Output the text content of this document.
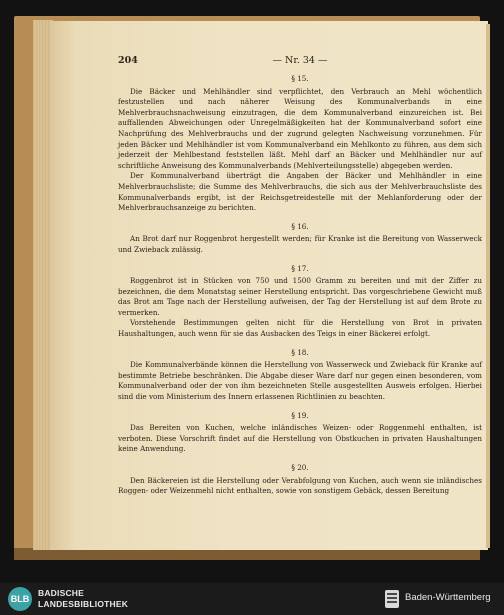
— Nr. 34 —
204
§ 15.

Die Bäcker und Mehlhändler sind verpflichtet, den Verbrauch an Mehl wöchentlich festzustellen und nach näherer Weisung des Kommunalverbands in eine Mehlverbrauchsnachweisung einzutragen, die dem Kommunalverband einzureichen ist. Bei auffallenden Abweichungen oder Unregelmäßigkeiten hat der Kommunalverband sofort eine Nachprüfung des Mehlverbrauchs und der zugrund gelegten Nachweisung vorzunehmen. Für jeden Bäcker und Mehlhändler ist vom Kommunalverband ein Mehlkonto zu führen, aus dem sich jederzeit der Mehlbestand feststellen läßt. Mehl darf an Bäcker und Mehlhändler nur auf schriftliche Anweisung des Kommunalverbands (Mehlverteilungsstelle) abgegeben werden.

Der Kommunalverband überträgt die Angaben der Bäcker und Mehlhändler in eine Mehlverbrauchsliste; die Summe des Mehlverbrauchs, die sich aus der Mehlverbrauchsliste des Kommunalverbands ergibt, ist der Reichsgetreidestelle mit der Mehlanforderung oder der Mehlverbrauchsanzeige zu berichten.

§ 16.

An Brot darf nur Roggenbrot hergestellt werden; für Kranke ist die Bereitung von Wasserweck und Zwieback zulässig.

§ 17.

Roggenbrot ist in Stücken von 750 und 1500 Gramm zu bereiten und mit der Ziffer zu bezeichnen, die dem Monatstag seiner Herstellung entspricht. Das vorgeschriebene Gewicht muß das Brot am Tage nach der Herstellung aufweisen, der Tag der Herstellung ist auf dem Brote zu vermerken.

Vorstehende Bestimmungen gelten nicht für die Herstellung von Brot in privaten Haushaltungen, auch wenn für sie das Ausbacken des Teigs in einer Bäckerei erfolgt.

§ 18.

Die Kommunalverbände können die Herstellung von Wasserweck und Zwieback für Kranke auf bestimmte Betriebe beschränken. Die Abgabe dieser Ware darf nur gegen einen besonderen, vom Kommunalverband oder der von ihm bezeichneten Stelle ausgestellten Ausweis erfolgen. Hierbei sind die vom Ministerium des Innern erlassenen Richtlinien zu beachten.

§ 19.

Das Bereiten von Kuchen, welche inländisches Weizen- oder Roggenmehl enthalten, ist verboten. Diese Vorschrift findet auf die Herstellung von Obstkuchen in privaten Haushaltungen keine Anwendung.

§ 20.

Den Bäckereien ist die Herstellung oder Verabfolgung von Kuchen, auch wenn sie inländisches Roggen- oder Weizenmehl nicht enthalten, sowie von sonstigem Gebäck, dessen Bereitung

BLB
BADISCHE
LANDESBIBLIOTHEK
Baden-Württemberg
